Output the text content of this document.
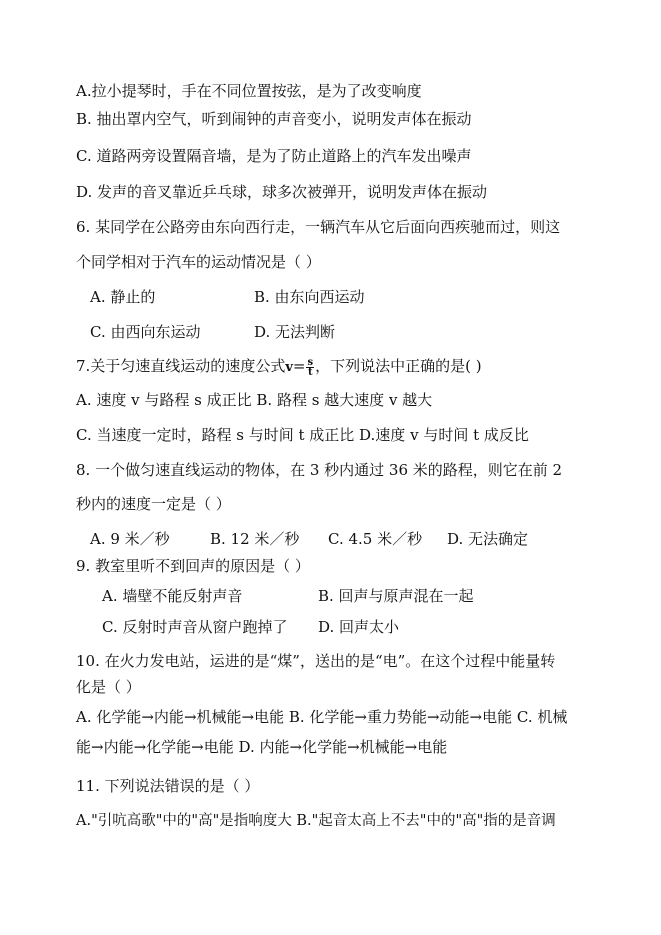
A.拉小提琴时，手在不同位置按弦，是为了改变响度
B. 抽出罩内空气，听到闹钟的声音变小，说明发声体在振动
C. 道路两旁设置隔音墙，是为了防止道路上的汽车发出噪声
D. 发声的音叉靠近乒乓球，球多次被弹开，说明发声体在振动
6. 某同学在公路旁由东向西行走，一辆汽车从它后面向西疾驰而过，则这
个同学相对于汽车的运动情况是（ ）
A. 静止的	B. 由东向西运动
C. 由西向东运动	D. 无法判断
7.关于匀速直线运动的速度公式$v= \frac{s}{t}$ ，下列说法中正确的是( )
A. 速度 v 与路程 s 成正比 B. 路程 s 越大速度 v 越大
C. 当速度一定时，路程 s 与时间 t 成正比 D.速度 v 与时间 t 成反比
8. 一个做匀速直线运动的物体，在 3 秒内通过 36 米的路程，则它在前 2
秒内的速度一定是（ ）
A. 9 米／秒	B. 12 米／秒 C. 4.5 米／秒 D. 无法确定
9. 教室里听不到回声的原因是（ ）
A. 墙壁不能反射声音	B. 回声与原声混在一起
C. 反射时声音从窗户跑掉了 D. 回声太小
10. 在火力发电站，运进的是“煤”，送出的是“电”。在这个过程中能量转
化是（ ）
A. 化学能→内能→机械能→电能 B. 化学能→重力势能→动能→电能 C. 机械
能→内能→化学能→电能 D. 内能→化学能→机械能→电能
11. 下列说法错误的是（ ）
A."引吭高歌"中的"高"是指响度大 B."起音太高上不去"中的"高"指的是音调
